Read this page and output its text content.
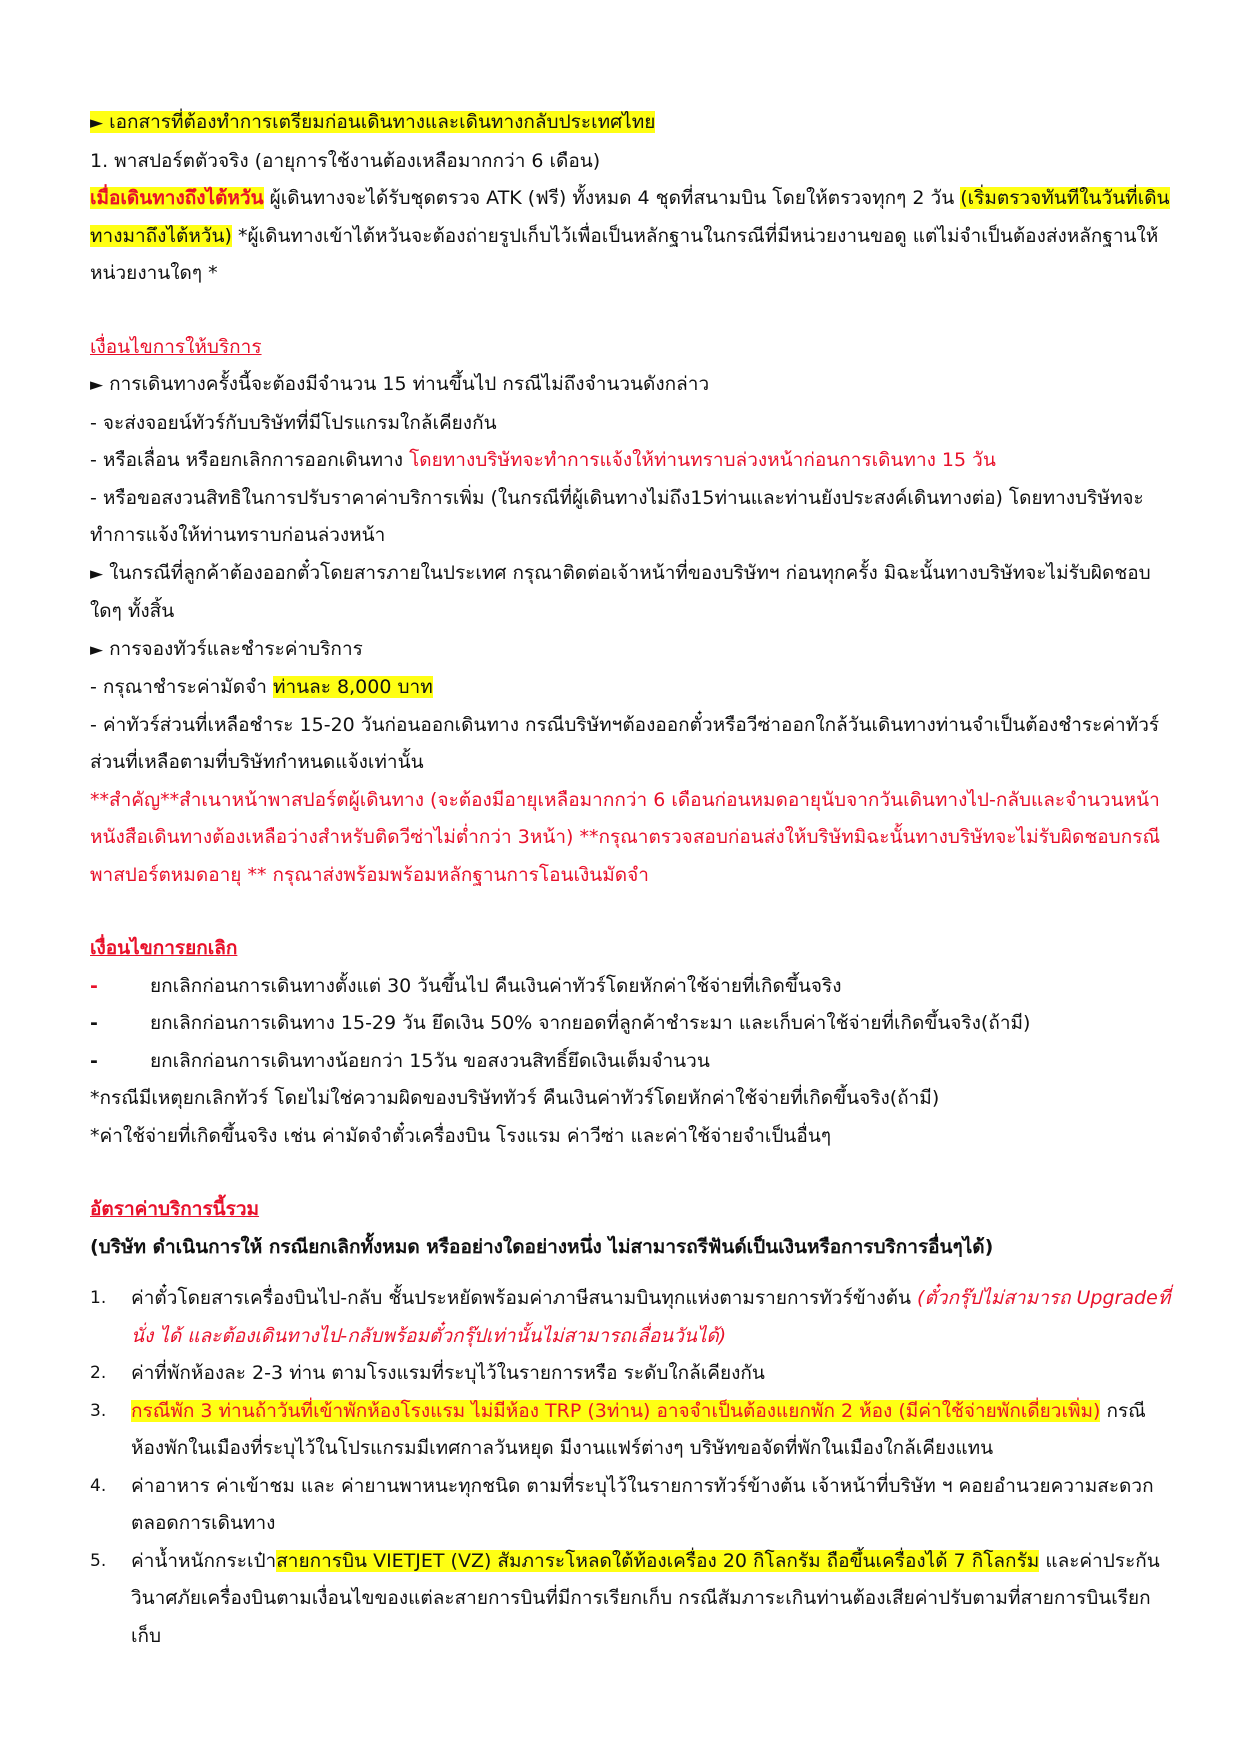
► เอกสารที่ต้องทำการเตรียมก่อนเดินทางและเดินทางกลับประเทศไทย

1. พาสปอร์ตตัวจริง (อายุการใช้งานต้องเหลือมากกว่า 6 เดือน)

เมื่อเดินทางถึงไต้หวัน ผู้เดินทางจะได้รับชุดตรวจ ATK (ฟรี) ทั้งหมด 4 ชุดที่สนามบิน โดยให้ตรวจทุกๆ 2 วัน (เริ่มตรวจทันทีในวันที่เดินทางมาถึงไต้หวัน) *ผู้เดินทางเข้าไต้หวันจะต้องถ่ายรูปเก็บไว้เพื่อเป็นหลักฐานในกรณีที่มีหน่วยงานขอดู แต่ไม่จำเป็นต้องส่งหลักฐานให้หน่วยงานใดๆ *

เงื่อนไขการให้บริการ

► การเดินทางครั้งนี้จะต้องมีจำนวน 15 ท่านขึ้นไป กรณีไม่ถึงจำนวนดังกล่าว

- จะส่งจอยน์ทัวร์กับบริษัทที่มีโปรแกรมใกล้เคียงกัน

- หรือเลื่อน หรือยกเลิกการออกเดินทาง โดยทางบริษัทจะทำการแจ้งให้ท่านทราบล่วงหน้าก่อนการเดินทาง 15 วัน

- หรือขอสงวนสิทธิในการปรับราคาค่าบริการเพิ่ม (ในกรณีที่ผู้เดินทางไม่ถึง15ท่านและท่านยังประสงค์เดินทางต่อ) โดยทางบริษัทจะทำการแจ้งให้ท่านทราบก่อนล่วงหน้า

► ในกรณีที่ลูกค้าต้องออกตั๋วโดยสารภายในประเทศ กรุณาติดต่อเจ้าหน้าที่ของบริษัทฯ ก่อนทุกครั้ง มิฉะนั้นทางบริษัทจะไม่รับผิดชอบใดๆ ทั้งสิ้น

► การจองทัวร์และชำระค่าบริการ

- กรุณาชำระค่ามัดจำ ท่านละ 8,000 บาท

- ค่าทัวร์ส่วนที่เหลือชำระ 15-20 วันก่อนออกเดินทาง กรณีบริษัทฯต้องออกตั๋วหรือวีซ่าออกใกล้วันเดินทางท่านจำเป็นต้องชำระค่าทัวร์ส่วนที่เหลือตามที่บริษัทกำหนดแจ้งเท่านั้น

**สำคัญ**สำเนาหน้าพาสปอร์ตผู้เดินทาง (จะต้องมีอายุเหลือมากกว่า 6 เดือนก่อนหมดอายุนับจากวันเดินทางไป-กลับและจำนวนหน้าหนังสือเดินทางต้องเหลือว่างสำหรับติดวีซ่าไม่ต่ำกว่า 3หน้า) **กรุณาตรวจสอบก่อนส่งให้บริษัทมิฉะนั้นทางบริษัทจะไม่รับผิดชอบกรณีพาสปอร์ตหมดอายุ ** กรุณาส่งพร้อมพร้อมหลักฐานการโอนเงินมัดจำ

เงื่อนไขการยกเลิก

-	ยกเลิกก่อนการเดินทางตั้งแต่ 30 วันขึ้นไป คืนเงินค่าทัวร์โดยหักค่าใช้จ่ายที่เกิดขึ้นจริง
-	ยกเลิกก่อนการเดินทาง 15-29 วัน ยึดเงิน 50% จากยอดที่ลูกค้าชำระมา และเก็บค่าใช้จ่ายที่เกิดขึ้นจริง(ถ้ามี)
-	ยกเลิกก่อนการเดินทางน้อยกว่า 15วัน ขอสงวนสิทธิ์ยึดเงินเต็มจำนวน

*กรณีมีเหตุยกเลิกทัวร์ โดยไม่ใช่ความผิดของบริษัททัวร์ คืนเงินค่าทัวร์โดยหักค่าใช้จ่ายที่เกิดขึ้นจริง(ถ้ามี)

*ค่าใช้จ่ายที่เกิดขึ้นจริง เช่น ค่ามัดจำตั๋วเครื่องบิน โรงแรม ค่าวีซ่า และค่าใช้จ่ายจำเป็นอื่นๆ

อัตราค่าบริการนี้รวม

(บริษัท ดำเนินการให้ กรณียกเลิกทั้งหมด หรืออย่างใดอย่างหนึ่ง ไม่สามารถรีฟันด์เป็นเงินหรือการบริการอื่นๆได้)

1.	ค่าตั๋วโดยสารเครื่องบินไป-กลับ ชั้นประหยัดพร้อมค่าภาษีสนามบินทุกแห่งตามรายการทัวร์ข้างต้น (ตั๋วกรุ๊ปไม่สามารถ Upgradeที่นั่ง ได้ และต้องเดินทางไป-กลับพร้อมตั๋วกรุ๊ปเท่านั้นไม่สามารถเลื่อนวันได้)
2.	ค่าที่พักห้องละ 2-3 ท่าน ตามโรงแรมที่ระบุไว้ในรายการหรือ ระดับใกล้เคียงกัน
3.	กรณีพัก 3 ท่านถ้าวันที่เข้าพักห้องโรงแรม ไม่มีห้อง TRP (3ท่าน) อาจจำเป็นต้องแยกพัก 2 ห้อง (มีค่าใช้จ่ายพักเดี่ยวเพิ่ม) กรณีห้องพักในเมืองที่ระบุไว้ในโปรแกรมมีเทศกาลวันหยุด มีงานแฟร์ต่างๆ บริษัทขอจัดที่พักในเมืองใกล้เคียงแทน
4.	ค่าอาหาร ค่าเข้าชม และ ค่ายานพาหนะทุกชนิด ตามที่ระบุไว้ในรายการทัวร์ข้างต้น เจ้าหน้าที่บริษัท ฯ คอยอำนวยความสะดวกตลอดการเดินทาง
5.	ค่าน้ำหนักกระเป๋าสายการบิน VIETJET (VZ) สัมภาระโหลดใต้ท้องเครื่อง 20 กิโลกรัม ถือขึ้นเครื่องได้ 7 กิโลกรัม และค่าประกันวินาศภัยเครื่องบินตามเงื่อนไขของแต่ละสายการบินที่มีการเรียกเก็บ กรณีสัมภาระเกินท่านต้องเสียค่าปรับตามที่สายการบินเรียกเก็บ
